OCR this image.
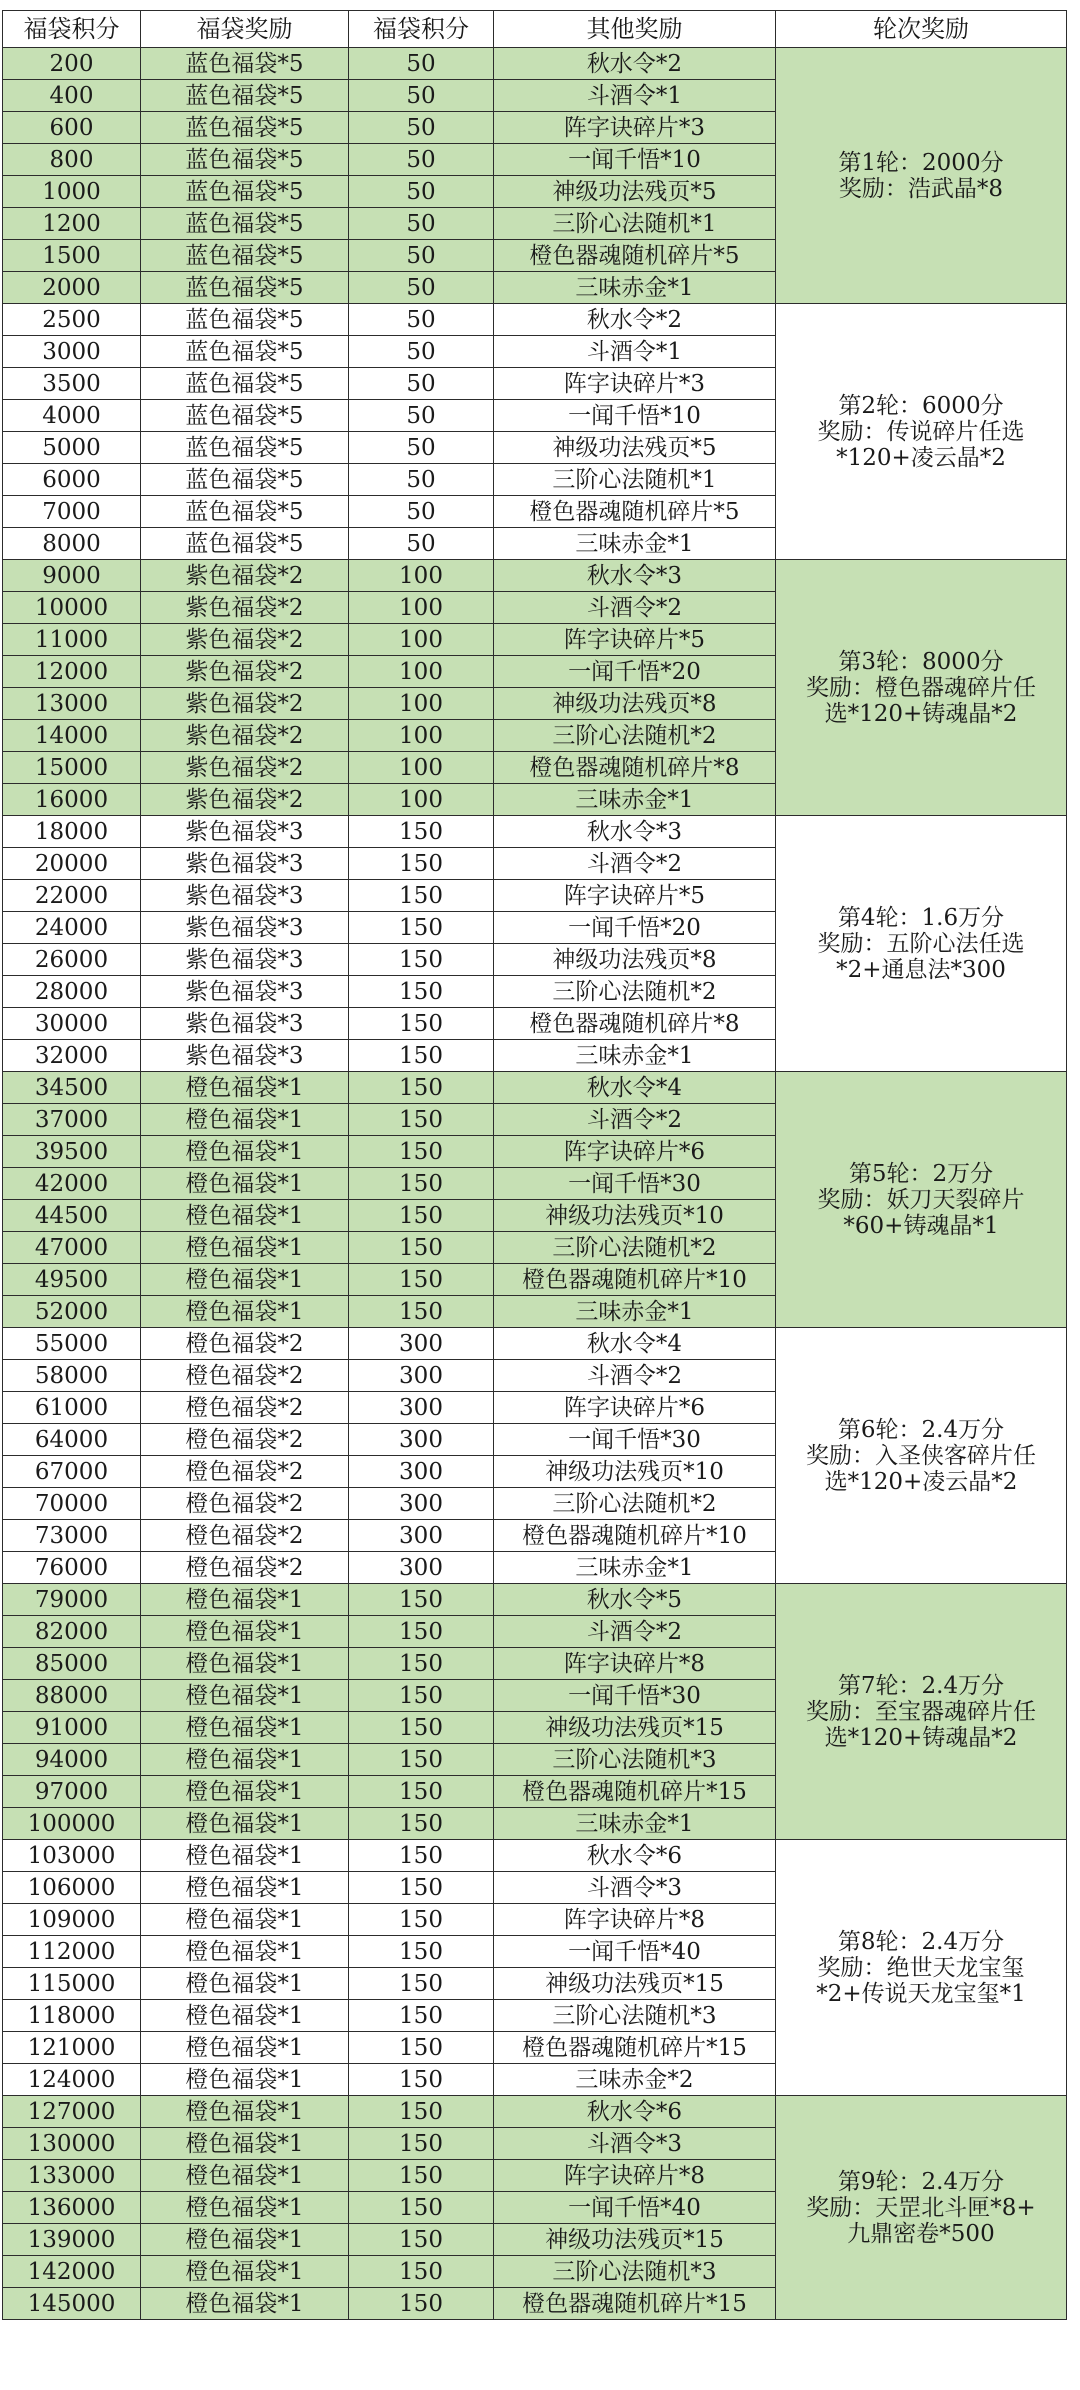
福袋积分	福袋奖励	福袋积分	其他奖励	轮次奖励
200	蓝色福袋*5	50	秋水令*2	第1轮：2000分
奖励：浩武晶*8

400	蓝色福袋*5	50	斗酒令*1	
600	蓝色福袋*5	50	阵字诀碎片*3	
800	蓝色福袋*5	50	一闻千悟*10	
1000	蓝色福袋*5	50	神级功法残页*5	
1200	蓝色福袋*5	50	三阶心法随机*1	
1500	蓝色福袋*5	50	橙色器魂随机碎片*5	
2000	蓝色福袋*5	50	三味赤金*1	
2500	蓝色福袋*5	50	秋水令*2	第2轮：6000分
奖励：传说碎片任选
*120+凌云晶*2

3000	蓝色福袋*5	50	斗酒令*1	
3500	蓝色福袋*5	50	阵字诀碎片*3	
4000	蓝色福袋*5	50	一闻千悟*10	
5000	蓝色福袋*5	50	神级功法残页*5	
6000	蓝色福袋*5	50	三阶心法随机*1	
7000	蓝色福袋*5	50	橙色器魂随机碎片*5	
8000	蓝色福袋*5	50	三味赤金*1	
9000	紫色福袋*2	100	秋水令*3	第3轮：8000分
奖励：橙色器魂碎片任
选*120+铸魂晶*2

10000	紫色福袋*2	100	斗酒令*2	
11000	紫色福袋*2	100	阵字诀碎片*5	
12000	紫色福袋*2	100	一闻千悟*20	
13000	紫色福袋*2	100	神级功法残页*8	
14000	紫色福袋*2	100	三阶心法随机*2	
15000	紫色福袋*2	100	橙色器魂随机碎片*8	
16000	紫色福袋*2	100	三味赤金*1	
18000	紫色福袋*3	150	秋水令*3	第4轮：1.6万分
奖励：五阶心法任选
*2+通息法*300

20000	紫色福袋*3	150	斗酒令*2	
22000	紫色福袋*3	150	阵字诀碎片*5	
24000	紫色福袋*3	150	一闻千悟*20	
26000	紫色福袋*3	150	神级功法残页*8	
28000	紫色福袋*3	150	三阶心法随机*2	
30000	紫色福袋*3	150	橙色器魂随机碎片*8	
32000	紫色福袋*3	150	三味赤金*1	
34500	橙色福袋*1	150	秋水令*4	第5轮：2万分
奖励：妖刀天裂碎片
*60+铸魂晶*1

37000	橙色福袋*1	150	斗酒令*2	
39500	橙色福袋*1	150	阵字诀碎片*6	
42000	橙色福袋*1	150	一闻千悟*30	
44500	橙色福袋*1	150	神级功法残页*10	
47000	橙色福袋*1	150	三阶心法随机*2	
49500	橙色福袋*1	150	橙色器魂随机碎片*10	
52000	橙色福袋*1	150	三味赤金*1	
55000	橙色福袋*2	300	秋水令*4	第6轮：2.4万分
奖励：入圣侠客碎片任
选*120+凌云晶*2

58000	橙色福袋*2	300	斗酒令*2	
61000	橙色福袋*2	300	阵字诀碎片*6	
64000	橙色福袋*2	300	一闻千悟*30	
67000	橙色福袋*2	300	神级功法残页*10	
70000	橙色福袋*2	300	三阶心法随机*2	
73000	橙色福袋*2	300	橙色器魂随机碎片*10	
76000	橙色福袋*2	300	三味赤金*1	
79000	橙色福袋*1	150	秋水令*5	第7轮：2.4万分
奖励：至宝器魂碎片任
选*120+铸魂晶*2

82000	橙色福袋*1	150	斗酒令*2	
85000	橙色福袋*1	150	阵字诀碎片*8	
88000	橙色福袋*1	150	一闻千悟*30	
91000	橙色福袋*1	150	神级功法残页*15	
94000	橙色福袋*1	150	三阶心法随机*3	
97000	橙色福袋*1	150	橙色器魂随机碎片*15	
100000	橙色福袋*1	150	三味赤金*1	
103000	橙色福袋*1	150	秋水令*6	第8轮：2.4万分
奖励：绝世天龙宝玺
*2+传说天龙宝玺*1

106000	橙色福袋*1	150	斗酒令*3	
109000	橙色福袋*1	150	阵字诀碎片*8	
112000	橙色福袋*1	150	一闻千悟*40	
115000	橙色福袋*1	150	神级功法残页*15	
118000	橙色福袋*1	150	三阶心法随机*3	
121000	橙色福袋*1	150	橙色器魂随机碎片*15	
124000	橙色福袋*1	150	三味赤金*2	
127000	橙色福袋*1	150	秋水令*6	第9轮：2.4万分
奖励：天罡北斗匣*8+
九鼎密卷*500

130000	橙色福袋*1	150	斗酒令*3	
133000	橙色福袋*1	150	阵字诀碎片*8	
136000	橙色福袋*1	150	一闻千悟*40	
139000	橙色福袋*1	150	神级功法残页*15	
142000	橙色福袋*1	150	三阶心法随机*3	
145000	橙色福袋*1	150	橙色器魂随机碎片*15	
